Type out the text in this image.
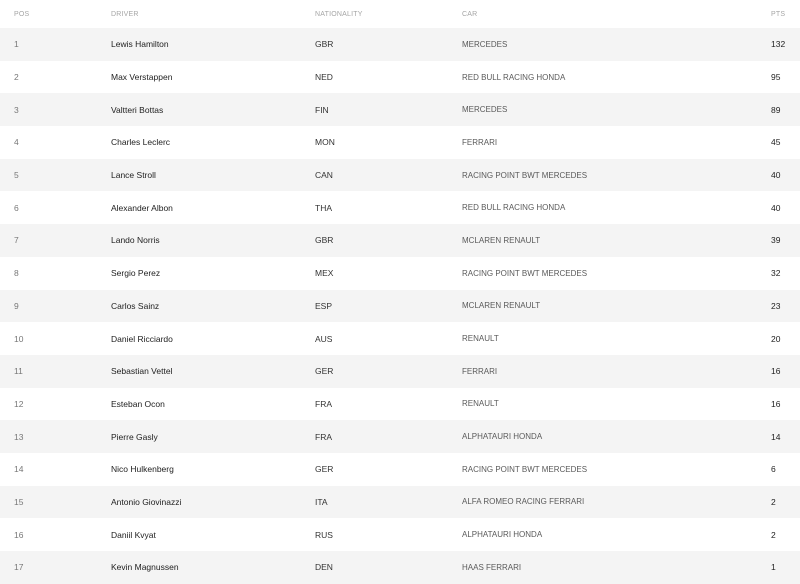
POS	DRIVER	NATIONALITY	CAR	PTS
1	Lewis Hamilton	GBR	MERCEDES	132
2	Max Verstappen	NED	RED BULL RACING HONDA	95
3	Valtteri Bottas	FIN	MERCEDES	89
4	Charles Leclerc	MON	FERRARI	45
5	Lance Stroll	CAN	RACING POINT BWT MERCEDES	40
6	Alexander Albon	THA	RED BULL RACING HONDA	40
7	Lando Norris	GBR	MCLAREN RENAULT	39
8	Sergio Perez	MEX	RACING POINT BWT MERCEDES	32
9	Carlos Sainz	ESP	MCLAREN RENAULT	23
10	Daniel Ricciardo	AUS	RENAULT	20
11	Sebastian Vettel	GER	FERRARI	16
12	Esteban Ocon	FRA	RENAULT	16
13	Pierre Gasly	FRA	ALPHATAURI HONDA	14
14	Nico Hulkenberg	GER	RACING POINT BWT MERCEDES	6
15	Antonio Giovinazzi	ITA	ALFA ROMEO RACING FERRARI	2
16	Daniil Kvyat	RUS	ALPHATAURI HONDA	2
17	Kevin Magnussen	DEN	HAAS FERRARI	1
